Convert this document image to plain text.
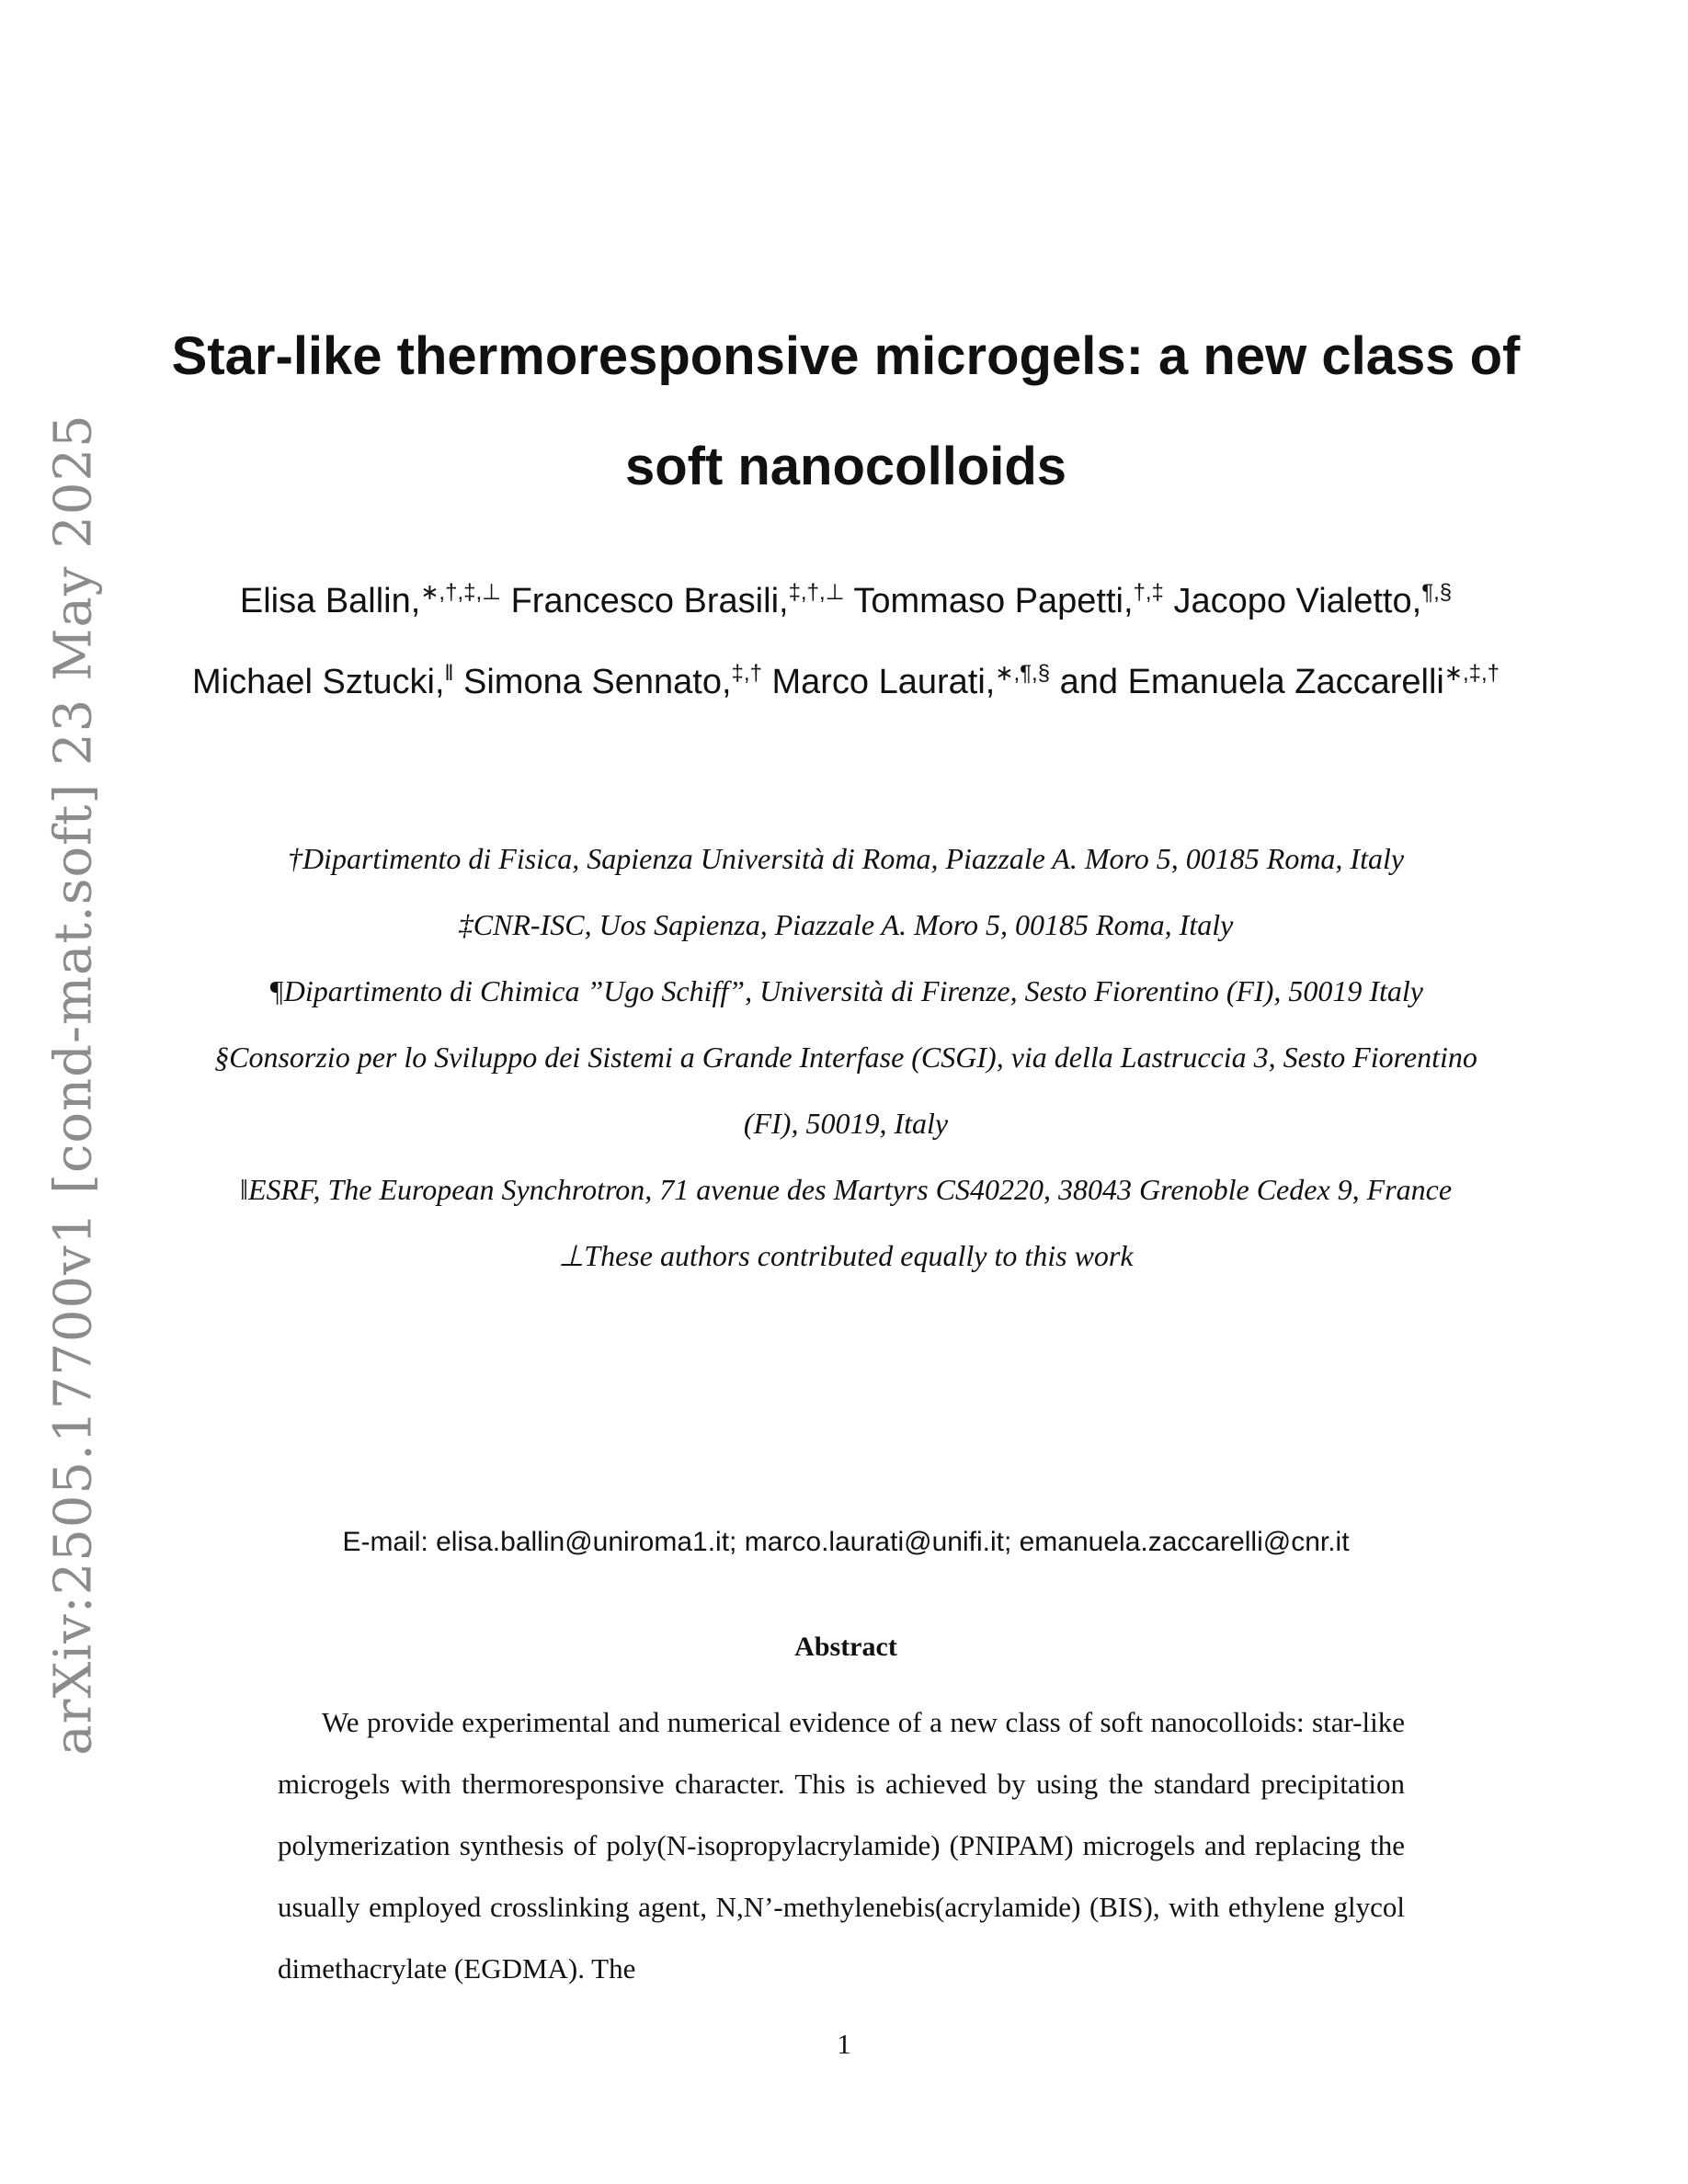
arXiv:2505.17700v1 [cond-mat.soft] 23 May 2025
Star-like thermoresponsive microgels: a new class of soft nanocolloids
Elisa Ballin,∗,†,‡,⊥ Francesco Brasili,‡,†,⊥ Tommaso Papetti,†,‡ Jacopo Vialetto,¶,§ Michael Sztucki,‖ Simona Sennato,‡,† Marco Laurati,∗,¶,§ and Emanuela Zaccarelli∗,‡,†

†Dipartimento di Fisica, Sapienza Università di Roma, Piazzale A. Moro 5, 00185 Roma, Italy

‡CNR-ISC, Uos Sapienza, Piazzale A. Moro 5, 00185 Roma, Italy

¶Dipartimento di Chimica ”Ugo Schiff”, Università di Firenze, Sesto Fiorentino (FI), 50019 Italy

§Consorzio per lo Sviluppo dei Sistemi a Grande Interfase (CSGI), via della Lastruccia 3, Sesto Fiorentino (FI), 50019, Italy

‖ESRF, The European Synchrotron, 71 avenue des Martyrs CS40220, 38043 Grenoble Cedex 9, France

⊥These authors contributed equally to this work

E-mail: elisa.ballin@uniroma1.it; marco.laurati@unifi.it; emanuela.zaccarelli@cnr.it
Abstract

We provide experimental and numerical evidence of a new class of soft nanocolloids: star-like microgels with thermoresponsive character. This is achieved by using the standard precipitation polymerization synthesis of poly(N-isopropylacrylamide) (PNIPAM) microgels and replacing the usually employed crosslinking agent, N,N’-methylenebis(acrylamide) (BIS), with ethylene glycol dimethacrylate (EGDMA). The

1
